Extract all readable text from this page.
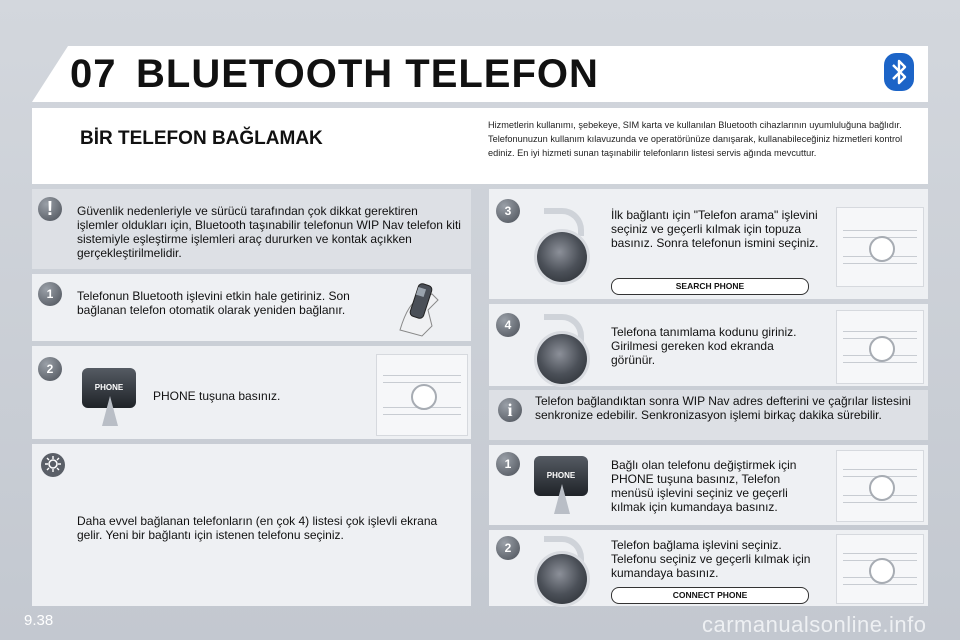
07 BLUETOOTH TELEFON
BİR TELEFON BAĞLAMAK
Hizmetlerin kullanımı, şebekeye, SIM karta ve kullanılan Bluetooth cihazlarının uyumluluğuna bağlıdır. Telefonunuzun kullanım kılavuzunda ve operatörünüze danışarak, kullanabileceğiniz hizmetleri kontrol ediniz. En iyi hizmeti sunan taşınabilir telefonların listesi servis ağında mevcuttur.
!	Güvenlik nedenleriyle ve sürücü tarafından çok dikkat gerektiren işlemler oldukları için, Bluetooth taşınabilir telefonun WIP Nav telefon kiti sistemiyle eşleştirme işlemleri araç dururken ve kontak açıkken gerçekleştirilmelidir.
1	Telefonun Bluetooth işlevini etkin hale getiriniz. Son bağlanan telefon otomatik olarak yeniden bağlanır.
2
PHONE
PHONE tuşuna basınız.
Daha evvel bağlanan telefonların (en çok 4) listesi çok işlevli ekrana gelir. Yeni bir bağlantı için istenen telefonu seçiniz.
3	İlk bağlantı için "Telefon arama" işlevini seçiniz ve geçerli kılmak için topuza basınız. Sonra telefonun ismini seçiniz.
SEARCH PHONE
4	Telefona tanımlama kodunu giriniz. Girilmesi gereken kod ekranda görünür.
i	Telefon bağlandıktan sonra WIP Nav adres defterini ve çağrılar listesini senkronize edebilir. Senkronizasyon işlemi birkaç dakika sürebilir.
1
PHONE
Bağlı olan telefonu değiştirmek için PHONE tuşuna basınız, Telefon menüsü işlevini seçiniz ve geçerli kılmak için kumandaya basınız.
2	Telefon bağlama işlevini seçiniz. Telefonu seçiniz ve geçerli kılmak için kumandaya basınız.
CONNECT PHONE
9.38	carmanualsonline.info
